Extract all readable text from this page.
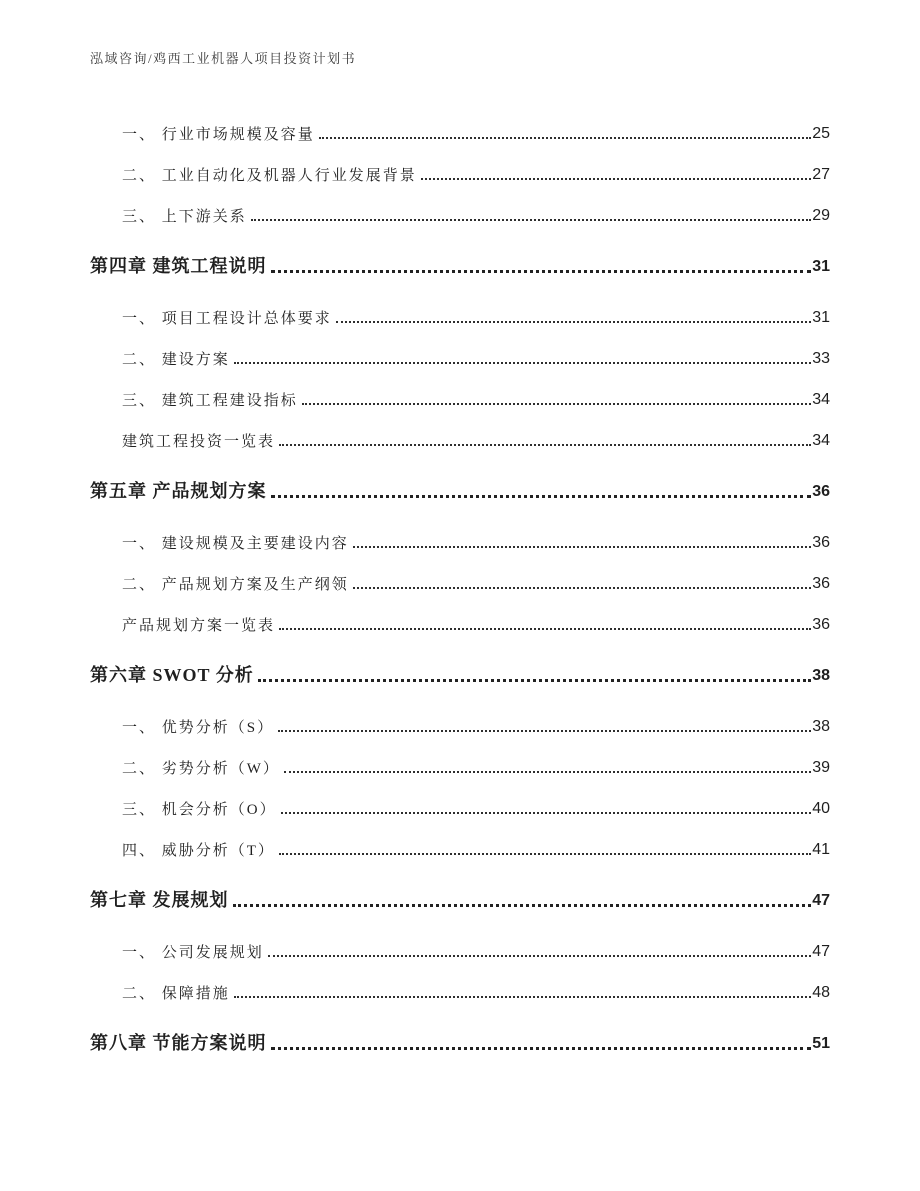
泓域咨询/鸡西工业机器人项目投资计划书
一、 行业市场规模及容量	25
二、 工业自动化及机器人行业发展背景	27
三、 上下游关系	29
第四章 建筑工程说明	31
一、 项目工程设计总体要求	31
二、 建设方案	33
三、 建筑工程建设指标	34
建筑工程投资一览表	34
第五章 产品规划方案	36
一、 建设规模及主要建设内容	36
二、 产品规划方案及生产纲领	36
产品规划方案一览表	36
第六章 SWOT 分析	38
一、 优势分析（S）	38
二、 劣势分析（W）	39
三、 机会分析（O）	40
四、 威胁分析（T）	41
第七章 发展规划	47
一、 公司发展规划	47
二、 保障措施	48
第八章 节能方案说明	51
